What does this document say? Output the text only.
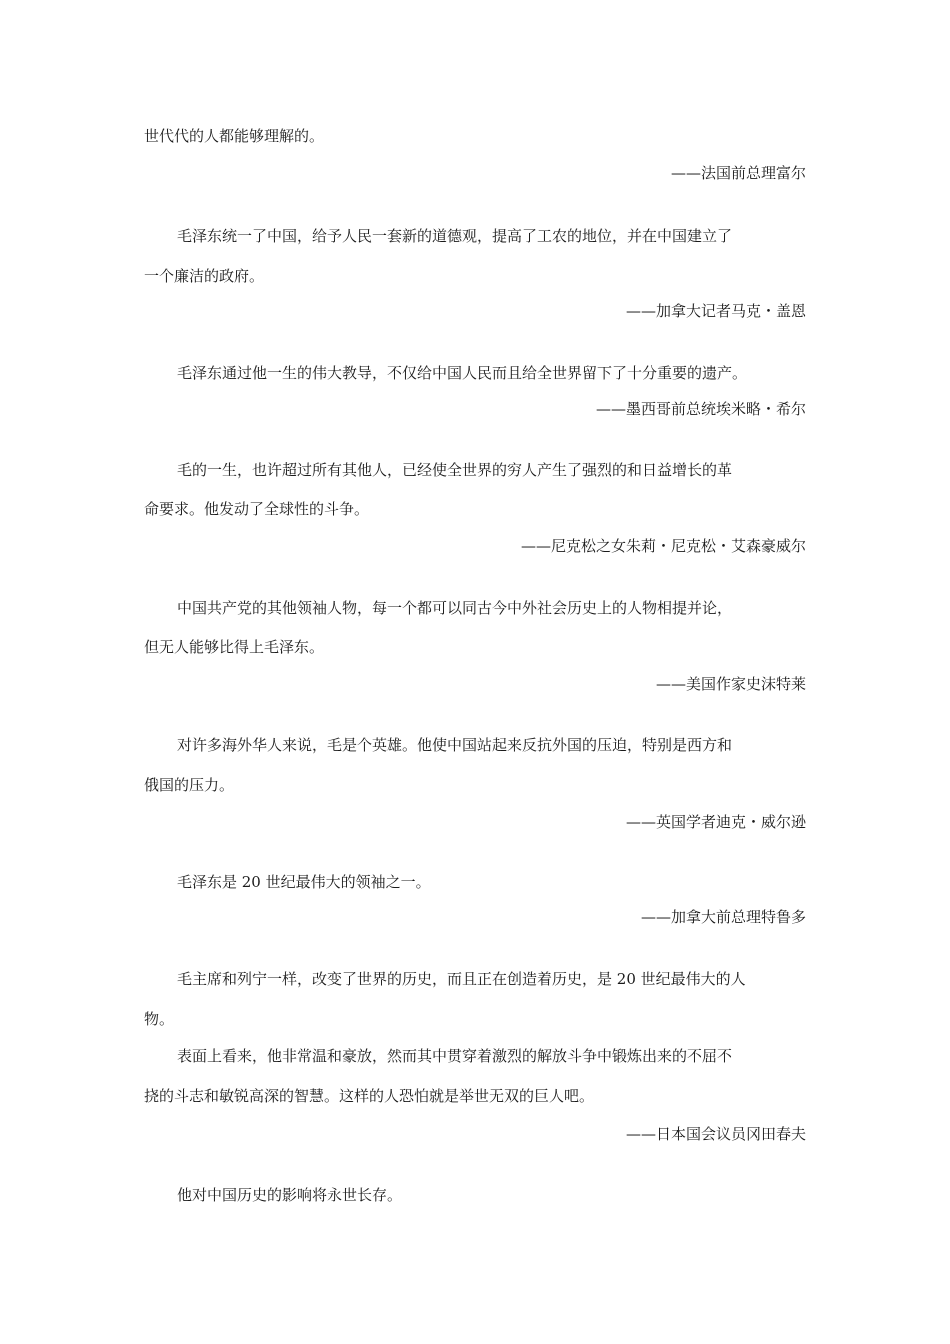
世代代的人都能够理解的。
——法国前总理富尔
毛泽东统一了中国，给予人民一套新的道德观，提高了工农的地位，并在中国建立了
一个廉洁的政府。
——加拿大记者马克・盖恩
毛泽东通过他一生的伟大教导，不仅给中国人民而且给全世界留下了十分重要的遗产。
——墨西哥前总统埃米略・希尔
毛的一生，也许超过所有其他人，已经使全世界的穷人产生了强烈的和日益增长的革
命要求。他发动了全球性的斗争。
——尼克松之女朱莉・尼克松・艾森豪威尔
中国共产党的其他领袖人物，每一个都可以同古今中外社会历史上的人物相提并论，
但无人能够比得上毛泽东。
——美国作家史沫特莱
对许多海外华人来说，毛是个英雄。他使中国站起来反抗外国的压迫，特别是西方和
俄国的压力。
——英国学者迪克・威尔逊
毛泽东是 20 世纪最伟大的领袖之一。
——加拿大前总理特鲁多
毛主席和列宁一样，改变了世界的历史，而且正在创造着历史，是 20 世纪最伟大的人
物。
表面上看来，他非常温和豪放，然而其中贯穿着激烈的解放斗争中锻炼出来的不屈不
挠的斗志和敏锐高深的智慧。这样的人恐怕就是举世无双的巨人吧。
——日本国会议员冈田春夫
他对中国历史的影响将永世长存。
